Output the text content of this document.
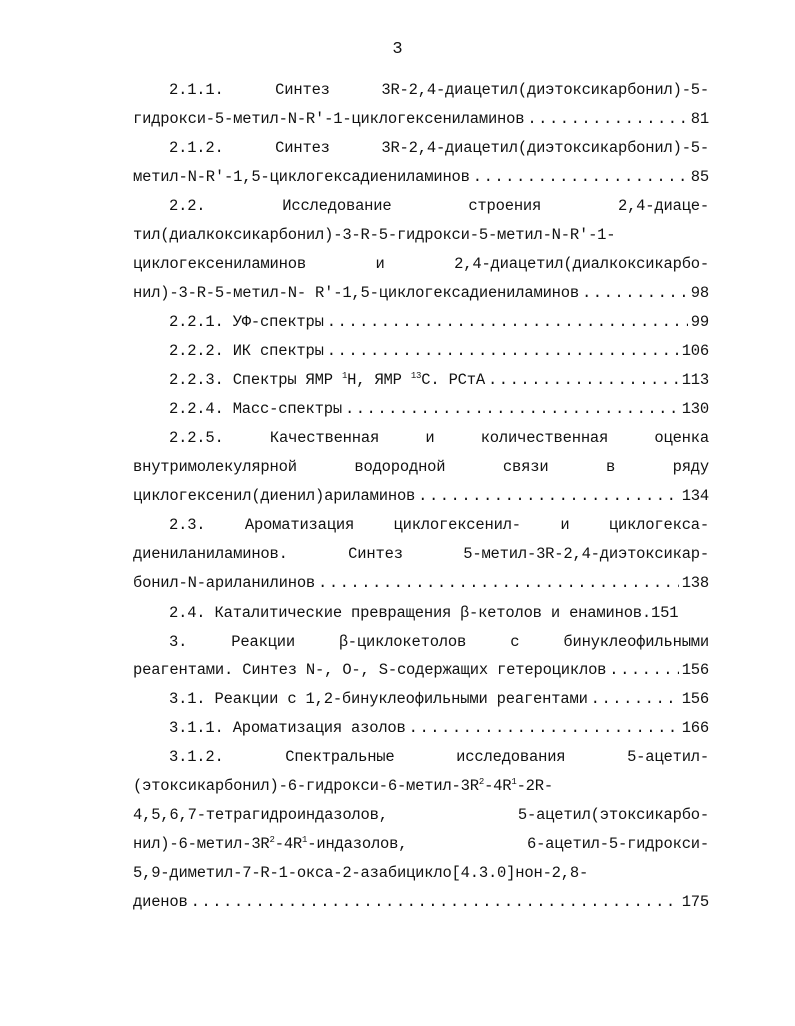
3
2.1.1. Синтез 3R-2,4-диацетил(диэтоксикарбонил)-5-
гидрокси-5-метил-N-R'-1-циклогексениламинов .....	81
2.1.2. Синтез 3R-2,4-диацетил(диэтоксикарбонил)-5-
метил-N-R'-1,5-циклогексадиениламинов .....	85
2.2. Исследование строения 2,4-диаце-
тил(диалкоксикарбонил)-3-R-5-гидрокси-5-метил-N-R'-1-
циклогексениламинов и 2,4-диацетил(диалкоксикарбо-
нил)-3-R-5-метил-N- R'-1,5-циклогексадиениламинов .....	98
2.2.1. УФ-спектры .....	99
2.2.2. ИК спектры .....	106
2.2.3. Спектры ЯМР $^1$Н, ЯМР $^{13}$С. РСтА .....	113
2.2.4. Масс-спектры .....	130
2.2.5. Качественная и количественная оценка
внутримолекулярной водородной связи в ряду
циклогексенил(диенил)ариламинов .....	134
2.3. Ароматизация циклогексенил- и циклогекса-
диениланиламинов. Синтез 5-метил-3R-2,4-диэтоксикар-
бонил-N-ариланилинов .....	138
2.4. Каталитические превращения β-кетолов и енаминов. 151
3. Реакции β-циклокетолов с бинуклеофильными
реагентами. Синтез N-, O-, S-содержащих гетероциклов .....	156
3.1. Реакции с 1,2-бинуклеофильными реагентами .....	156
3.1.1. Ароматизация азолов .....	166
3.1.2. Спектральные исследования 5-ацетил-
$(этоксикарбонил)-6-гидрокси-6-метил-3R^2-4R^1-2R-$
4,5,6,7-тетрагидроиндазолов, 5-ацетил(этоксикарбо-
$нил)-6-метил-3R^2-4R^1$-индазолов, 6-ацетил-5-гидрокси-
5,9-диметил-7-R-1-окса-2-азабицикло[4.3.0]нон-2,8-
диенов .....	175
